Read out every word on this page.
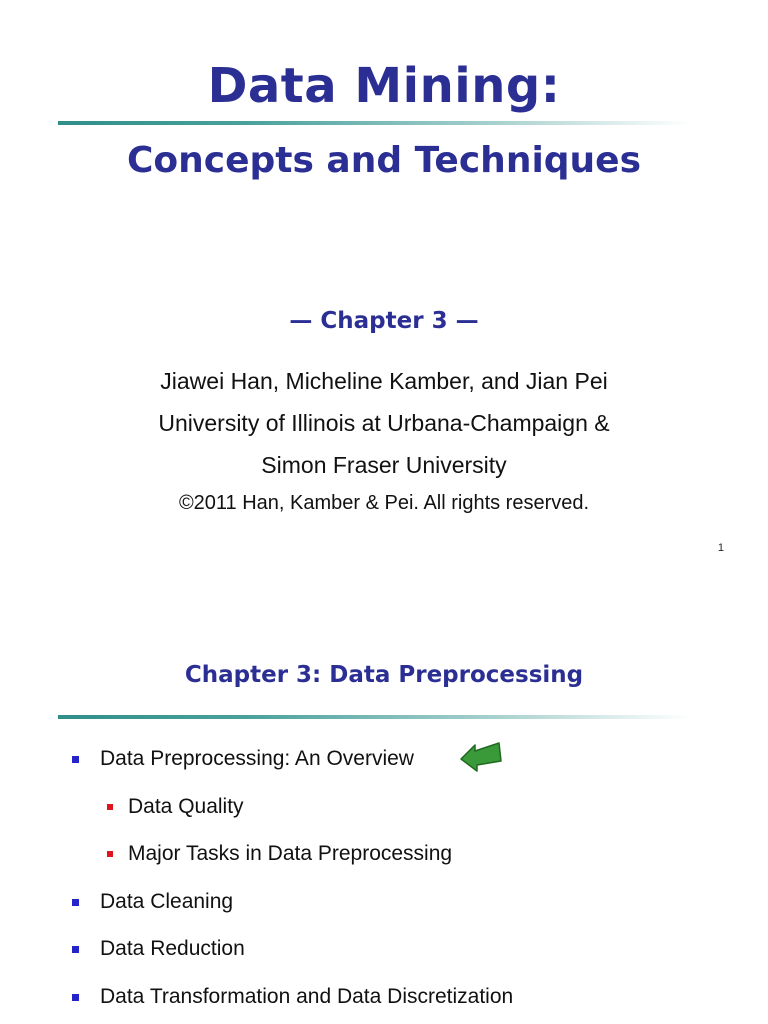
Data Mining:
Concepts and Techniques
— Chapter 3 —
Jiawei Han, Micheline Kamber, and Jian Pei
University of Illinois at Urbana-Champaign &
Simon Fraser University
©2011 Han, Kamber & Pei. All rights reserved.
1
Chapter 3: Data Preprocessing
Data Preprocessing: An Overview
Data Quality
Major Tasks in Data Preprocessing
Data Cleaning
Data Reduction
Data Transformation and Data Discretization
